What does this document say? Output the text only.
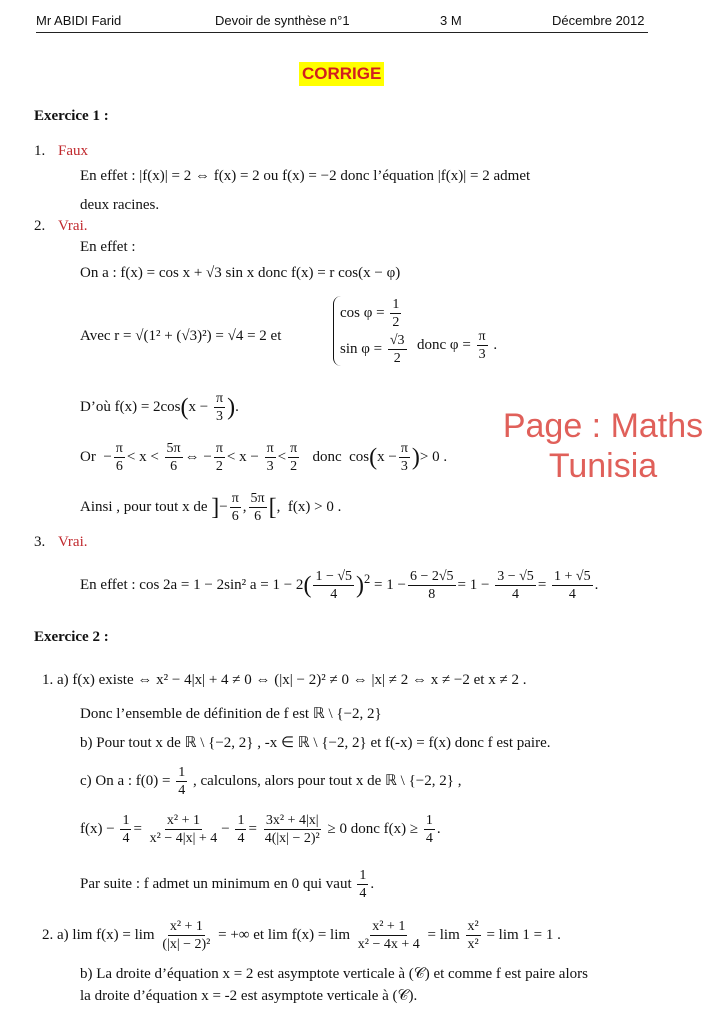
Mr ABIDI Farid	Devoir de synthèse n°1	3 M	Décembre 2012
CORRIGE
Page : Maths
Tunisia
Exercice 1 :
1. Faux
En effet : |f(x)| = 2 ⇔ f(x) = 2 ou f(x) = −2 donc l’équation |f(x)| = 2 admet
deux racines.
2. Vrai.
En effet :
On a : f(x) = cos x + √3 sin x donc f(x) = r cos(x − φ)
Avec r = √(1² + (√3)²) = √4 = 2 et
$\cos \varphi = \frac{1}{2}$
$\sin \varphi = \frac{√3}{2}$ donc $\varphi = \frac{\pi}{3}$ .
D’où $f(x) = 2\cos(x - \frac{\pi}{3}$ ).
$Or - \frac{\pi}{6} < x < \frac{5\pi}{6}$ ⇔ − $\frac{\pi}{2} < x - \frac{\pi}{3} < \frac{\pi}{2}$ donc  $\cos(x - \frac{\pi}{3}$ )> 0 .
Ainsi , pour tout x de ]− $\frac{\pi}{6}$ , $\frac{5\pi}{6}$ [,  f(x) > 0 .
3. Vrai.
En effet : cos 2a = 1 − 2sin² $a = 1 - 2( \frac{1 - √5}{4} )^2 = 1 - \frac{6 - 2√5}{8} = 1 - \frac{3 - √5}{4} = \frac{1 + √5}{4}$ .
Exercice 2 :
1. a) f(x) existe ⇔ x² − 4|x| + 4 ≠ 0 ⇔ (|x| − 2)² ≠ 0 ⇔ |x| ≠ 2 ⇔ x ≠ −2 et x ≠ 2 .
Donc l’ensemble de définition de f est ℝ \ {−2, 2}
b) Pour tout x de ℝ \ {−2, 2} , -x ∈ ℝ \ {−2, 2} et f(-x) = f(x) donc f est paire.
c) On a : $f(0) = \frac{1}{4}$ , calculons, alors pour tout x de ℝ \ {−2, 2} ,
$f(x) - \frac{1}{4} = \frac{\text{x² + 1}}{\text{x² − 4|x| + 4}} - \frac{1}{4} = \frac{\text{3x² + 4|x|}}{\text{4(|x| − 2)²}} \ge 0$ donc $f(x) \ge \frac{1}{4}$ .
Par suite : f admet un minimum en 0 qui vaut $\frac{1}{4}$ .
2. a) $\lim f(x) = \lim \frac{\text{x² + 1}}{\text{(|x| − 2)²}}$ = +∞ et $\lim f(x) = \lim \frac{\text{x² + 1}}{\text{x² − 4x + 4}} = \lim \frac{\text{x²}}{\text{x²}} = \lim 1 = 1$ .
b) La droite d’équation x = 2 est asymptote verticale à (𝒞) et comme f est paire alors
la droite d’équation x = -2 est asymptote verticale à (𝒞).
